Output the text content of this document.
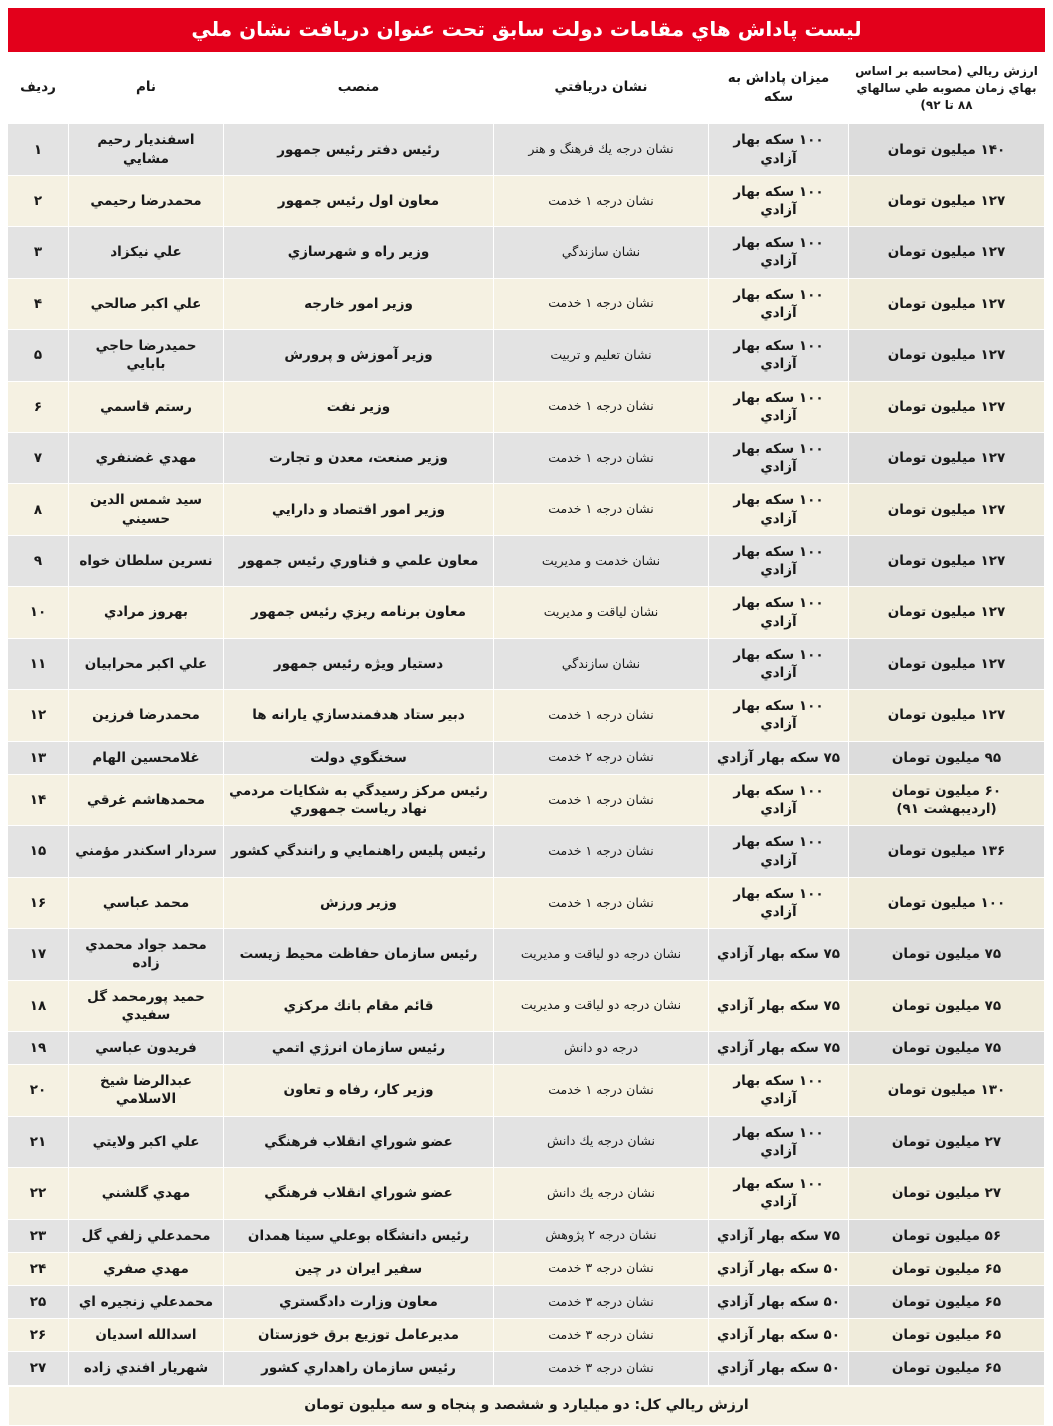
ليست پاداش هاي مقامات دولت سابق تحت عنوان دريافت نشان ملي
ارزش ريالي (محاسبه بر اساس بهاي زمان مصوبه طي سالهاي ۸۸ تا ۹۲)	ميزان پاداش به سكه	نشان دريافتي	منصب	نام	رديف
۱۴۰ ميليون تومان	۱۰۰ سكه بهار آزادي	نشان درجه يك فرهنگ و هنر	رئيس دفتر رئيس جمهور	اسفنديار رحيم مشايي	۱
۱۲۷ ميليون تومان	۱۰۰ سكه بهار آزادي	نشان درجه ۱ خدمت	معاون اول رئيس جمهور	محمدرضا رحيمي	۲
۱۲۷ ميليون تومان	۱۰۰ سكه بهار آزادي	نشان سازندگي	وزير راه و شهرسازي	علي نيكزاد	۳
۱۲۷ ميليون تومان	۱۰۰ سكه بهار آزادي	نشان درجه ۱ خدمت	وزير امور خارجه	علي اكبر صالحي	۴
۱۲۷ ميليون تومان	۱۰۰ سكه بهار آزادي	نشان تعليم و تربيت	وزير آموزش و پرورش	حميدرضا حاجي بابايي	۵
۱۲۷ ميليون تومان	۱۰۰ سكه بهار آزادي	نشان درجه ۱ خدمت	وزير نفت	رستم قاسمي	۶
۱۲۷ ميليون تومان	۱۰۰ سكه بهار آزادي	نشان درجه ۱ خدمت	وزير صنعت، معدن و تجارت	مهدي غضنفري	۷
۱۲۷ ميليون تومان	۱۰۰ سكه بهار آزادي	نشان درجه ۱ خدمت	وزير امور اقتصاد و دارايي	سيد شمس الدين حسيني	۸
۱۲۷ ميليون تومان	۱۰۰ سكه بهار آزادي	نشان خدمت و مديريت	معاون علمي و فناوري رئيس جمهور	نسرين سلطان خواه	۹
۱۲۷ ميليون تومان	۱۰۰ سكه بهار آزادي	نشان لياقت و مديريت	معاون برنامه ريزي رئيس جمهور	بهروز مرادي	۱۰
۱۲۷ ميليون تومان	۱۰۰ سكه بهار آزادي	نشان سازندگي	دستيار ويژه رئيس جمهور	علي اكبر محرابيان	۱۱
۱۲۷ ميليون تومان	۱۰۰ سكه بهار آزادي	نشان درجه ۱ خدمت	دبير ستاد هدفمندسازي يارانه ها	محمدرضا فرزين	۱۲
۹۵ ميليون تومان	۷۵ سكه بهار آزادي	نشان درجه ۲ خدمت	سخنگوي دولت	غلامحسين الهام	۱۳
۶۰ ميليون تومان (ارديبهشت ۹۱)	۱۰۰ سكه بهار آزادي	نشان درجه ۱ خدمت	رئيس مركز رسيدگي به شكايات مردمي نهاد رياست جمهوري	محمدهاشم غرقي	۱۴
۱۳۶ ميليون تومان	۱۰۰ سكه بهار آزادي	نشان درجه ۱ خدمت	رئيس پليس راهنمايي و رانندگي كشور	سردار اسكندر مؤمني	۱۵
۱۰۰ ميليون تومان	۱۰۰ سكه بهار آزادي	نشان درجه ۱ خدمت	وزير ورزش	محمد عباسي	۱۶
۷۵ ميليون تومان	۷۵ سكه بهار آزادي	نشان درجه دو لياقت و مديريت	رئيس سازمان حفاظت محيط زيست	محمد جواد محمدي زاده	۱۷
۷۵ ميليون تومان	۷۵ سكه بهار آزادي	نشان درجه دو لياقت و مديريت	قائم مقام بانك مركزي	حميد پورمحمد گل سفيدي	۱۸
۷۵ ميليون تومان	۷۵ سكه بهار آزادي	درجه دو دانش	رئيس سازمان انرژي اتمي	فريدون عباسي	۱۹
۱۳۰ ميليون تومان	۱۰۰ سكه بهار آزادي	نشان درجه ۱ خدمت	وزير كار، رفاه و تعاون	عبدالرضا شيخ الاسلامي	۲۰
۲۷ ميليون تومان	۱۰۰ سكه بهار آزادي	نشان درجه يك دانش	عضو شوراي انقلاب فرهنگي	علي اكبر ولايتي	۲۱
۲۷ ميليون تومان	۱۰۰ سكه بهار آزادي	نشان درجه يك دانش	عضو شوراي انقلاب فرهنگي	مهدي گلشني	۲۲
۵۶ ميليون تومان	۷۵ سكه بهار آزادي	نشان درجه ۲ پژوهش	رئيس دانشگاه بوعلي سينا همدان	محمدعلي زلفي گل	۲۳
۶۵ ميليون تومان	۵۰ سكه بهار آزادي	نشان درجه ۳ خدمت	سفير ايران در چين	مهدي صفري	۲۴
۶۵ ميليون تومان	۵۰ سكه بهار آزادي	نشان درجه ۳ خدمت	معاون وزارت دادگستري	محمدعلي زنجيره اي	۲۵
۶۵ ميليون تومان	۵۰ سكه بهار آزادي	نشان درجه ۳ خدمت	مديرعامل توزيع برق خوزستان	اسدالله اسديان	۲۶
۶۵ ميليون تومان	۵۰ سكه بهار آزادي	نشان درجه ۳ خدمت	رئيس سازمان راهداري كشور	شهريار افندي زاده	۲۷
ارزش ريالي كل: دو ميليارد و ششصد و پنجاه و سه ميليون تومان
